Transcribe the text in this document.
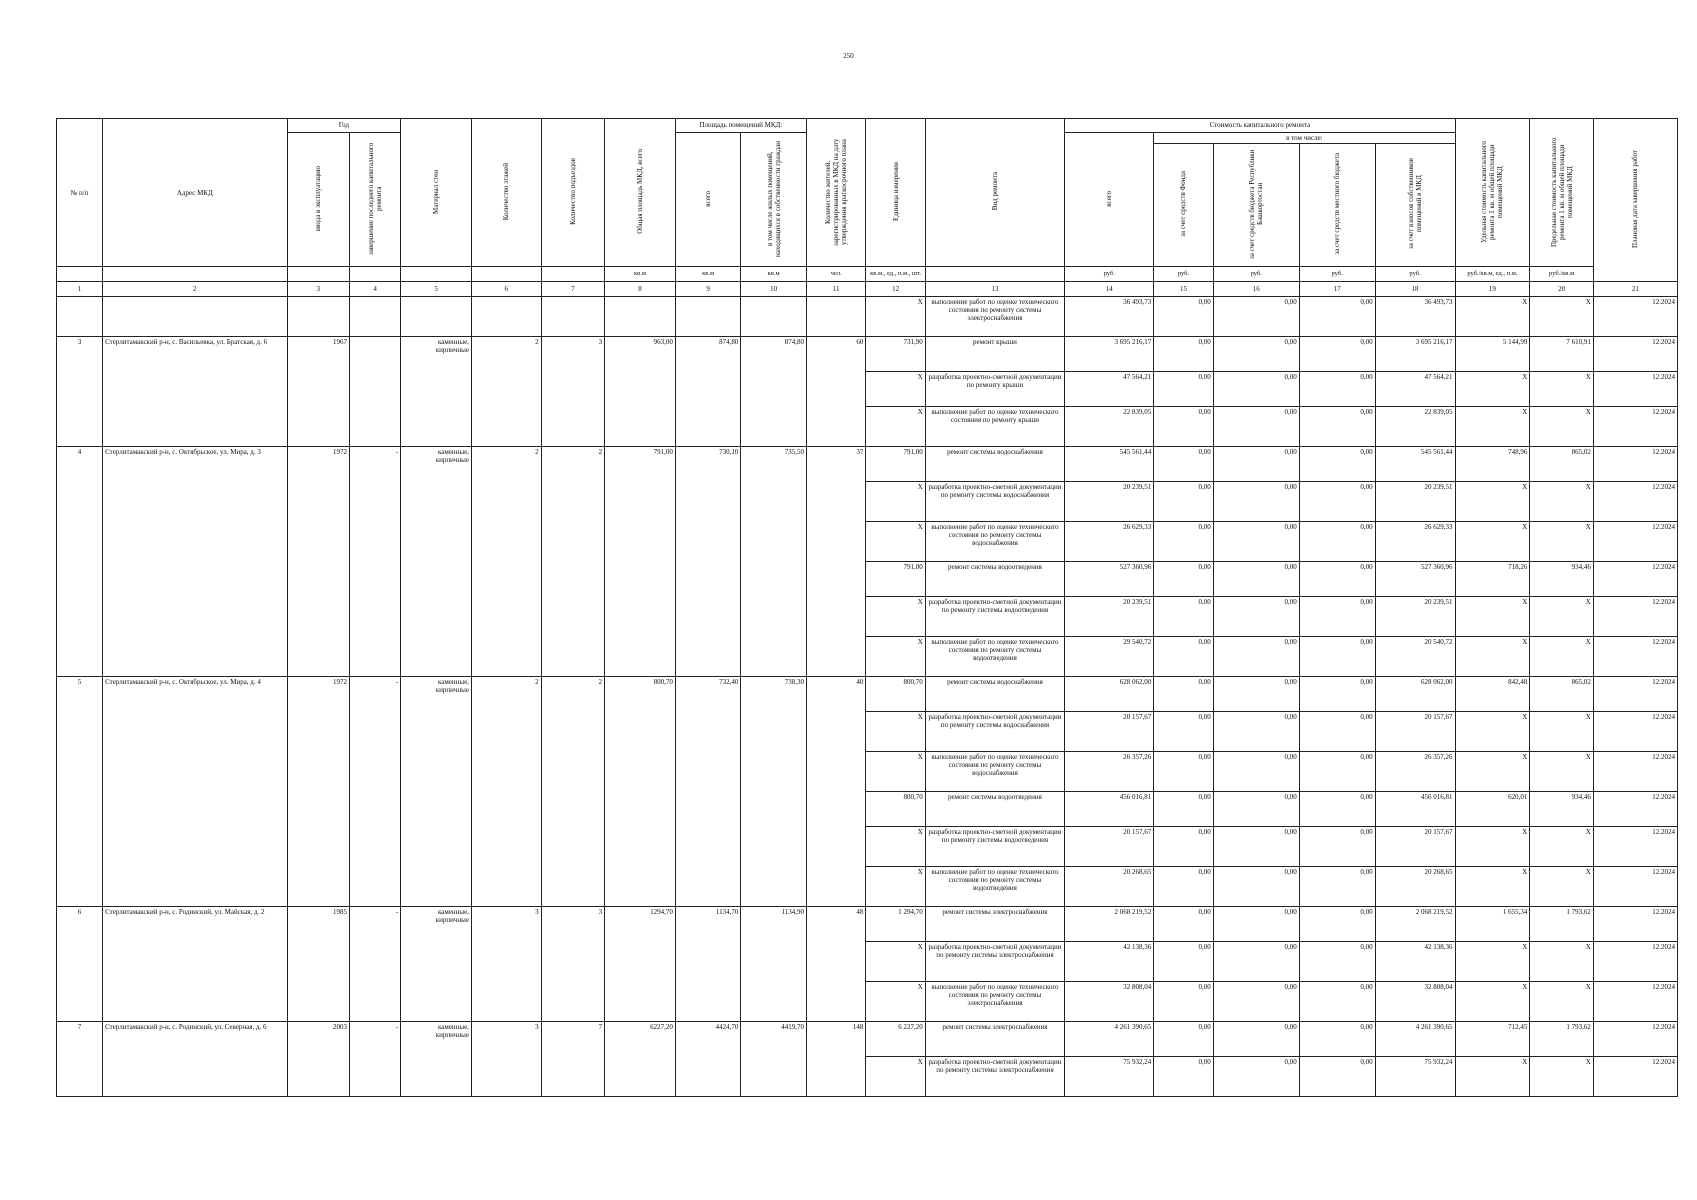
250
№ п/п	Адрес МКД	Год		Материал стен	Количество этажей	Количество подъездов	Общая площадь МКД, всего	Площадь помещений МКД:		Количество жителей, зарегистрированных в МКД на дату утверждения краткосрочного плана	Единица измерения	Вид ремонта	Стоимость капитального ремонта					Удельная стоимость капитального ремонта 1 кв. м общей площади помещений МКД	Предельная стоимость капитального ремонта 1 кв. м общей площади помещений МКД	Плановая дата завершения работ
		ввода в эксплуатацию	завершение последнего капитального ремонта					всего	в том числе жилых помещений, находящихся в собственности граждан				всего	в том числе:						
														за счет средств Фонда	за счет средств бюджета Республики Башкортостан	за счет средств местного бюджета	за счет взносов собственников помещений в МКД			
							кв.м	кв.м	кв.м	чел.	кв.м., ед., п.м., шт.		руб.	руб.	руб.	руб.	руб.	руб./кв.м, ед., п.м.	руб./кв.м	
1	2	3	4	5	6	7	8	9	10	11	12	13	14	15	16	17	18	19	20	21
											X	выполнение работ по оценке технического состояния по ремонту системы электроснабжения	36 493,73	0,00	0,00	0,00	36 493,73	X	X	12.2024
3	Стерлитамакский р-н, с. Васильевка, ул. Братская, д. 6	1967		каменные, кирпичные	2	3	963,00	874,80	874,80	60	731,90	ремонт крыши	3 695 216,17	0,00	0,00	0,00	3 695 216,17	5 144,99	7 610,91	12.2024
											X	разработка проектно-сметной документации по ремонту крыши	47 564,21	0,00	0,00	0,00	47 564,21	X	X	12.2024
											X	выполнение работ по оценке технического состояния по ремонту крыши	22 839,05	0,00	0,00	0,00	22 839,05	X	X	12.2024
4	Стерлитамакский р-н, с. Октябрьское, ул. Мира, д. 3	1972	-	каменные, кирпичные	2	2	791,00	730,10	735,50	37	791,00	ремонт системы водоснабжения	545 561,44	0,00	0,00	0,00	545 561,44	748,96	865,02	12.2024
											X	разработка проектно-сметной документации по ремонту системы водоснабжения	20 239,51	0,00	0,00	0,00	20 239,51	X	X	12.2024
											X	выполнение работ по оценке технического состояния по ремонту системы водоснабжения	26 629,33	0,00	0,00	0,00	26 629,33	X	X	12.2024
											791,00	ремонт системы водоотведения	527 360,96	0,00	0,00	0,00	527 360,96	718,26	934,46	12.2024
											X	разработка проектно-сметной документации по ремонту системы водоотведения	20 239,51	0,00	0,00	0,00	20 239,51	X	X	12.2024
											X	выполнение работ по оценке технического состояния по ремонту системы водоотведения	29 540,72	0,00	0,00	0,00	20 540,72	X	X	12.2024
5	Стерлитамакский р-н, с. Октябрьское, ул. Мира, д. 4	1972	-	каменные, кирпичные	2	2	800,70	732,40	738,30	40	800,70	ремонт системы водоснабжения	628 062,00	0,00	0,00	0,00	628 062,00	842,48	865,02	12.2024
											X	разработка проектно-сметной документации по ремонту системы водоснабжения	20 157,67	0,00	0,00	0,00	20 157,67	X	X	12.2024
											X	выполнение работ по оценке технического состояния по ремонту системы водоснабжения	26 357,26	0,00	0,00	0,00	26 357,26	X	X	12.2024
											800,70	ремонт системы водоотведения	456 016,81	0,00	0,00	0,00	456 016,81	620,01	934,46	12.2024
											X	разработка проектно-сметной документации по ремонту системы водоотведения	20 157,67	0,00	0,00	0,00	20 157,67	X	X	12.2024
											X	выполнение работ по оценке технического состояния по ремонту системы водоотведения	20 268,65	0,00	0,00	0,00	20 268,65	X	X	12.2024
6	Стерлитамакский р-н, с. Родинский, ул. Майская, д. 2	1985	-	каменные, кирпичные	3	3	1294,70	1134,70	1134,90	48	1 294,70	ремонт системы электроснабжения	2 068 219,52	0,00	0,00	0,00	2 068 219,52	1 655,34	1 793,62	12.2024
											X	разработка проектно-сметной документации по ремонту системы электроснабжения	42 138,36	0,00	0,00	0,00	42 138,36	X	X	12.2024
											X	выполнение работ по оценке технического состояния по ремонту системы электроснабжения	32 808,04	0,00	0,00	0,00	32 808,04	X	X	12.2024
7	Стерлитамакский р-н, с. Родинский, ул. Северная, д. 6	2003	-	каменные, кирпичные	3	7	6227,20	4424,70	4419,70	148	6 227,20	ремонт системы электроснабжения	4 261 390,65	0,00	0,00	0,00	4 261 390,65	712,45	1 793,62	12.2024
											X	разработка проектно-сметной документации по ремонту системы электроснабжения	75 932,24	0,00	0,00	0,00	75 932,24	X	X	12.2024
